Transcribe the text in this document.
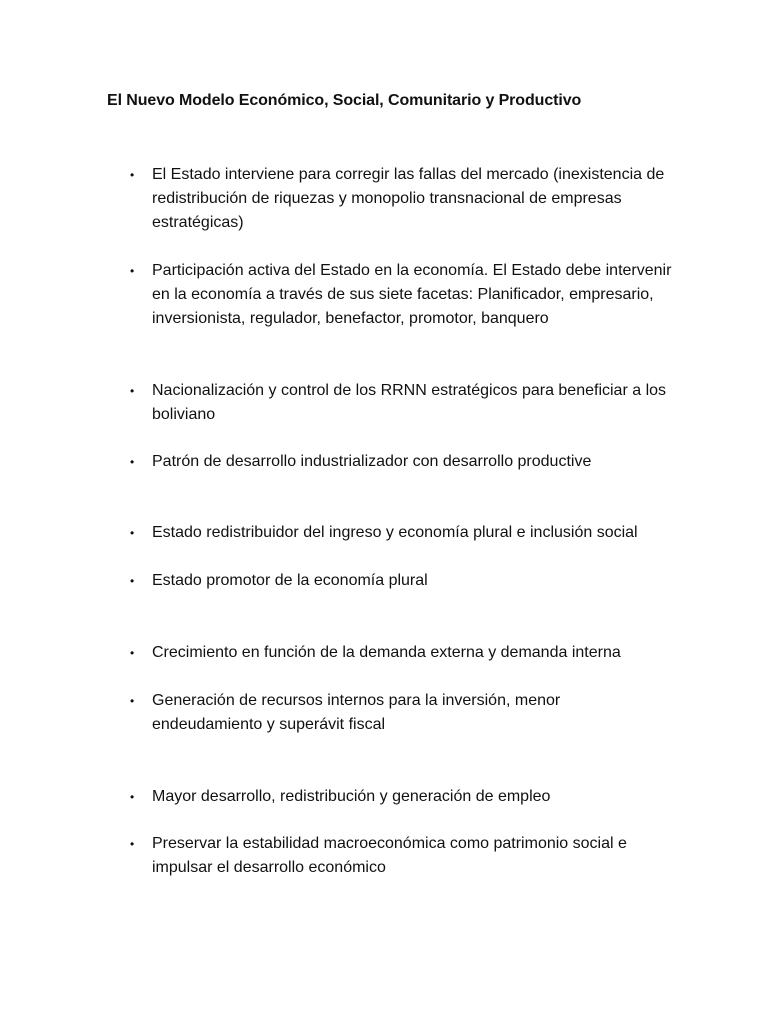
El Nuevo Modelo Económico, Social, Comunitario y Productivo
•	El Estado interviene para corregir las fallas del mercado (inexistencia de redistribución de riquezas y monopolio transnacional de empresas estratégicas)
•	Participación activa del Estado en la economía. El Estado debe intervenir en la economía a través de sus siete facetas: Planificador, empresario, inversionista, regulador, benefactor, promotor, banquero
•	Nacionalización y control de los RRNN estratégicos para beneficiar a los boliviano
•	Patrón de desarrollo industrializador con desarrollo productive
•	Estado redistribuidor del ingreso y economía plural e inclusión social
•	Estado promotor de la economía plural
•	Crecimiento en función de la demanda externa y demanda interna
•	Generación de recursos internos para la inversión, menor endeudamiento y superávit fiscal
•	Mayor desarrollo, redistribución y generación de empleo
•	Preservar la estabilidad macroeconómica como patrimonio social e impulsar el desarrollo económico
